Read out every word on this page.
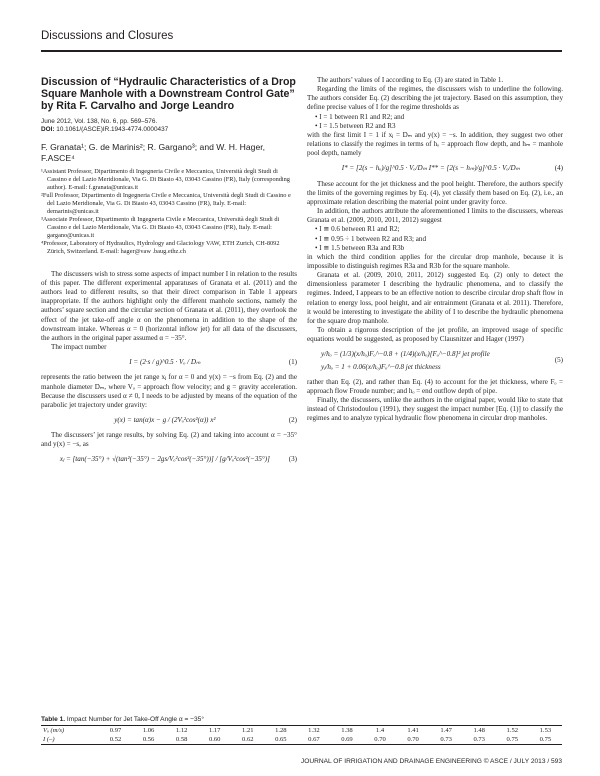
Discussions and Closures
Discussion of “Hydraulic Characteristics of a Drop Square Manhole with a Downstream Control Gate” by Rita F. Carvalho and Jorge Leandro
June 2012, Vol. 138, No. 6, pp. 569–576.
DOI: 10.1061/(ASCE)IR.1943-4774.0000437
F. Granata¹; G. de Marinis²; R. Gargano³; and W. H. Hager, F.ASCE⁴

¹Assistant Professor, Dipartimento di Ingegneria Civile e Meccanica, Università degli Studi di Cassino e del Lazio Meridionale, Via G. Di Biasio 43, 03043 Cassino (FR), Italy (corresponding author). E-mail: f.granata@unicas.it

²Full Professor, Dipartimento di Ingegneria Civile e Meccanica, Università degli Studi di Cassino e del Lazio Meridionale, Via G. Di Biasio 43, 03043 Cassino (FR), Italy. E-mail: demarinis@unicas.it

³Associate Professor, Dipartimento di Ingegneria Civile e Meccanica, Università degli Studi di Cassino e del Lazio Meridionale, Via G. Di Biasio 43, 03043 Cassino (FR), Italy. E-mail: gargano@unicas.it

⁴Professor, Laboratory of Hydraulics, Hydrology and Glaciology VAW, ETH Zurich, CH-8092 Zürich, Switzerland. E-mail: hager@vaw .baug.ethz.ch

The discussers wish to stress some aspects of impact number I in relation to the results of this paper. The different experimental apparatuses of Granata et al. (2011) and the authors lead to different results, so that their direct comparison in Table 1 appears inappropriate. If the authors highlight only the different manhole sections, namely the authors’ square section and the circular section of Granata et al. (2011), they overlook the effect of the jet take-off angle α on the phenomena in addition to the shape of the downstream intake. Whereas α = 0 (horizontal inflow jet) for all data of the discussers, the authors in the original paper assumed α = −35°.

The impact number

I = (2·s / g)^0.5 · Vₒ / Dₘ	(1)

represents the ratio between the jet range xⱼ for α = 0 and y(x) = −s from Eq. (2) and the manhole diameter Dₘ, where Vₒ = approach flow velocity; and g = gravity acceleration. Because the discussers used α ≠ 0, I needs to be adjusted by means of the equation of the parabolic jet trajectory under gravity:

y(x) = tan(α)x − g / (2Vₒ²cos²(α)) x²	(2)

The discussers’ jet range results, by solving Eq. (2) and taking into account α = −35° and y(x) = −s, as

xⱼ = [tan(−35°) + √(tan²(−35°) − 2gs/Vₒ²cos²(−35°))] / [g/Vₒ²cos²(−35°)]	(3)

The authors’ values of I according to Eq. (3) are stated in Table 1.

Regarding the limits of the regimes, the discussers wish to underline the following. The authors consider Eq. (2) describing the jet trajectory. Based on this assumption, they define precise values of I for the regime thresholds as

• I = 1 between R1 and R2; and

• I = 1.5 between R2 and R3

with the first limit I = 1 if xⱼ = Dₘ and y(x) = −s. In addition, they suggest two other relations to classify the regimes in terms of hₒ = approach flow depth, and hₘ = manhole pool depth, namely

I* = [2(s − hₒ)/g]^0.5 · Vₒ/Dₘ I** = [2(s − hₘ)/g]^0.5 · Vₒ/Dₘ	(4)

These account for the jet thickness and the pool height. Therefore, the authors specify the limits of the governing regimes by Eq. (4), yet classify them based on Eq. (2), i.e., an approximate relation describing the material point under gravity force.

In addition, the authors attribute the aforementioned I limits to the discussers, whereas Granata et al. (2009, 2010, 2011, 2012) suggest

• I ≅ 0.6 between R1 and R2;

• I ≅ 0.95 ÷ 1 between R2 and R3; and

• I ≅ 1.5 between R3a and R3b

in which the third condition applies for the circular drop manhole, because it is impossible to distinguish regimes R3a and R3b for the square manhole.

Granata et al. (2009, 2010, 2011, 2012) suggested Eq. (2) only to detect the dimensionless parameter I describing the hydraulic phenomena, and to classify the regimes. Indeed, I appears to be an effective notion to describe circular drop shaft flow in relation to energy loss, pool height, and air entrainment (Granata et al. 2011). Therefore, it would be interesting to investigate the ability of I to describe the hydraulic phenomena for the square drop manhole.

To obtain a rigorous description of the jet profile, an improved usage of specific equations would be suggested, as proposed by Clausnitzer and Hager (1997)

y/hₒ = (1/3)(x/hₒ)Fₒ^−0.8 + (1/4)(x/hₒ)[Fₒ^−0.8]² jet profile
yⱼ/hₒ = 1 + 0.06(x/hₒ)Fₒ^−0.8 jet thickness
(5)

rather than Eq. (2), and rather than Eq. (4) to account for the jet thickness, where Fₒ = approach flow Froude number; and hₒ = end outflow depth of pipe.

Finally, the discussers, unlike the authors in the original paper, would like to state that instead of Christodoulou (1991), they suggest the impact number [Eq. (1)] to classify the regimes and to analyze typical hydraulic flow phenomena in circular drop manholes.

Table 1. Impact Number for Jet Take-Off Angle α = −35°
Vₒ (m/s)	0.97	1.06	1.12	1.17	1.21	1.28	1.32	1.38	1.4	1.41	1.47	1.48	1.52	1.53
I (–)	0.52	0.56	0.58	0.60	0.62	0.65	0.67	0.69	0.70	0.70	0.73	0.73	0.75	0.75
JOURNAL OF IRRIGATION AND DRAINAGE ENGINEERING © ASCE / JULY 2013 / 593
